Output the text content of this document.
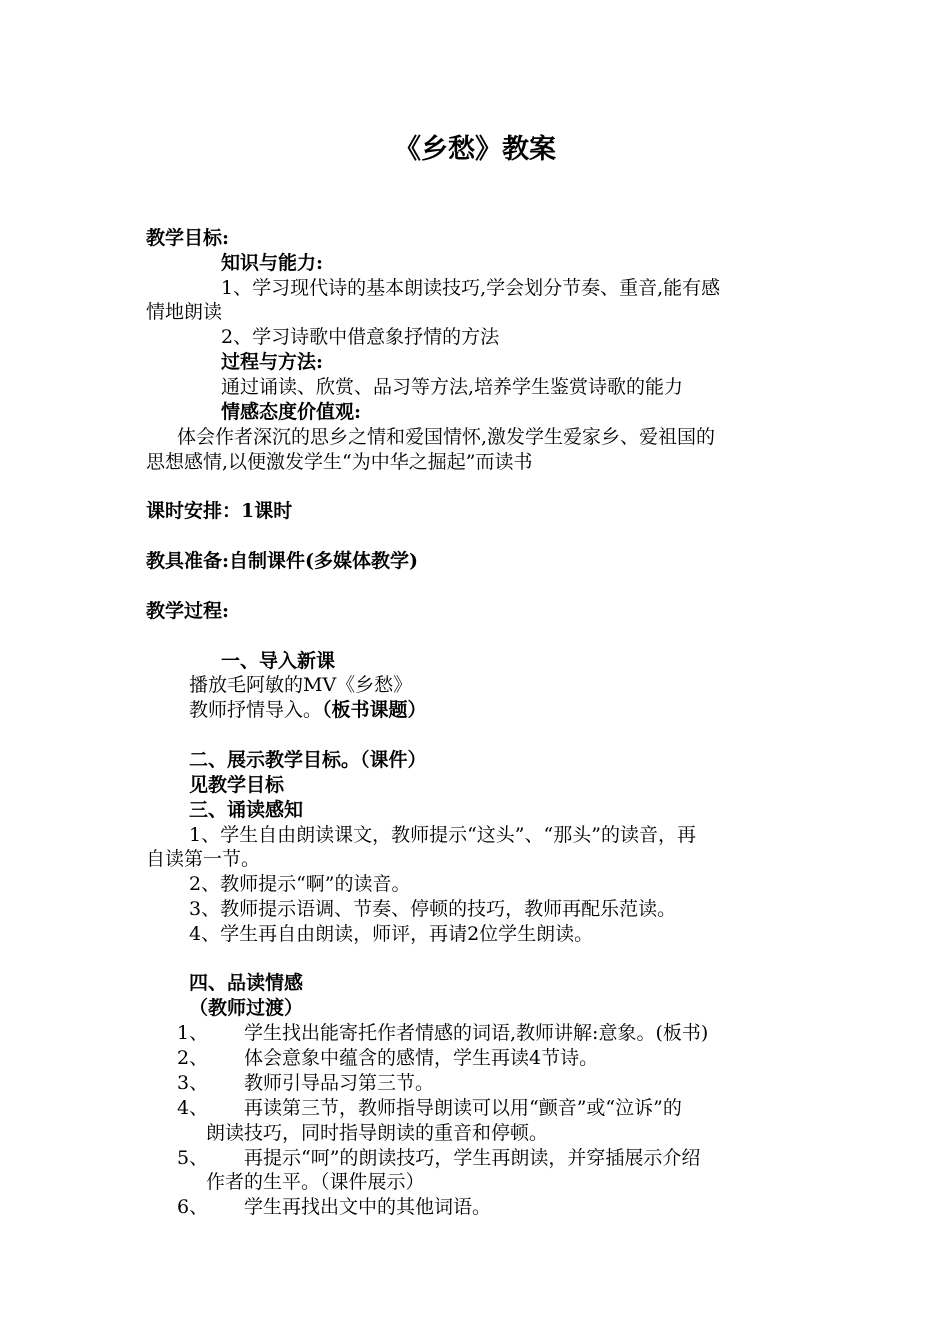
《乡愁》教案
教学目标:
知识与能力:
1、学习现代诗的基本朗读技巧,学会划分节奏、重音,能有感
情地朗读
2、学习诗歌中借意象抒情的方法
过程与方法:
通过诵读、欣赏、品习等方法,培养学生鉴赏诗歌的能力
情感态度价值观:
体会作者深沉的思乡之情和爱国情怀,激发学生爱家乡、爱祖国的
思想感情,以便激发学生“为中华之掘起”而读书
课时安排：1课时
教具准备:自制课件(多媒体教学)
教学过程:
一、导入新课
播放毛阿敏的MV《乡愁》
教师抒情导入。（板书课题）
二、展示教学目标。（课件）
见教学目标
三、诵读感知
1、学生自由朗读课文，教师提示“这头”、“那头”的读音，再
自读第一节。
2、教师提示“啊”的读音。
3、教师提示语调、节奏、停顿的技巧，教师再配乐范读。
4、学生再自由朗读，师评，再请2位学生朗读。
四、品读情感
（教师过渡）
1、 学生找出能寄托作者情感的词语,教师讲解:意象。(板书)
2、 体会意象中蕴含的感情，学生再读4节诗。
3、 教师引导品习第三节。
4、 再读第三节，教师指导朗读可以用“颤音”或“泣诉”的
朗读技巧，同时指导朗读的重音和停顿。
5、 再提示“呵”的朗读技巧，学生再朗读，并穿插展示介绍
作者的生平。（课件展示）
6、 学生再找出文中的其他词语。
